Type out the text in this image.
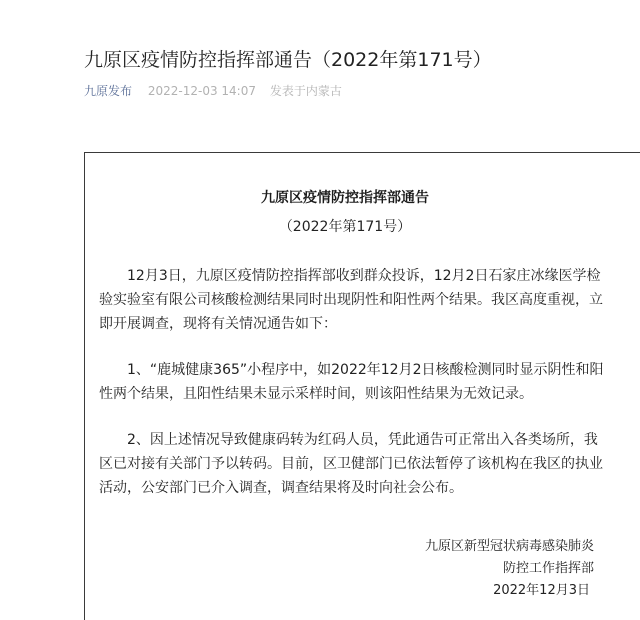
九原区疫情防控指挥部通告（2022年第171号）
九原发布 2022-12-03 14:07 发表于内蒙古
九原区疫情防控指挥部通告
（2022年第171号）

12月3日，九原区疫情防控指挥部收到群众投诉，12月2日石家庄冰缘医学检验实验室有限公司核酸检测结果同时出现阴性和阳性两个结果。我区高度重视，立即开展调查，现将有关情况通告如下：

1、“鹿城健康365”小程序中，如2022年12月2日核酸检测同时显示阴性和阳性两个结果，且阳性结果未显示采样时间，则该阳性结果为无效记录。

2、因上述情况导致健康码转为红码人员，凭此通告可正常出入各类场所，我区已对接有关部门予以转码。目前，区卫健部门已依法暂停了该机构在我区的执业活动，公安部门已介入调查，调查结果将及时向社会公布。

九原区新型冠状病毒感染肺炎
防控工作指挥部
2022年12月3日
